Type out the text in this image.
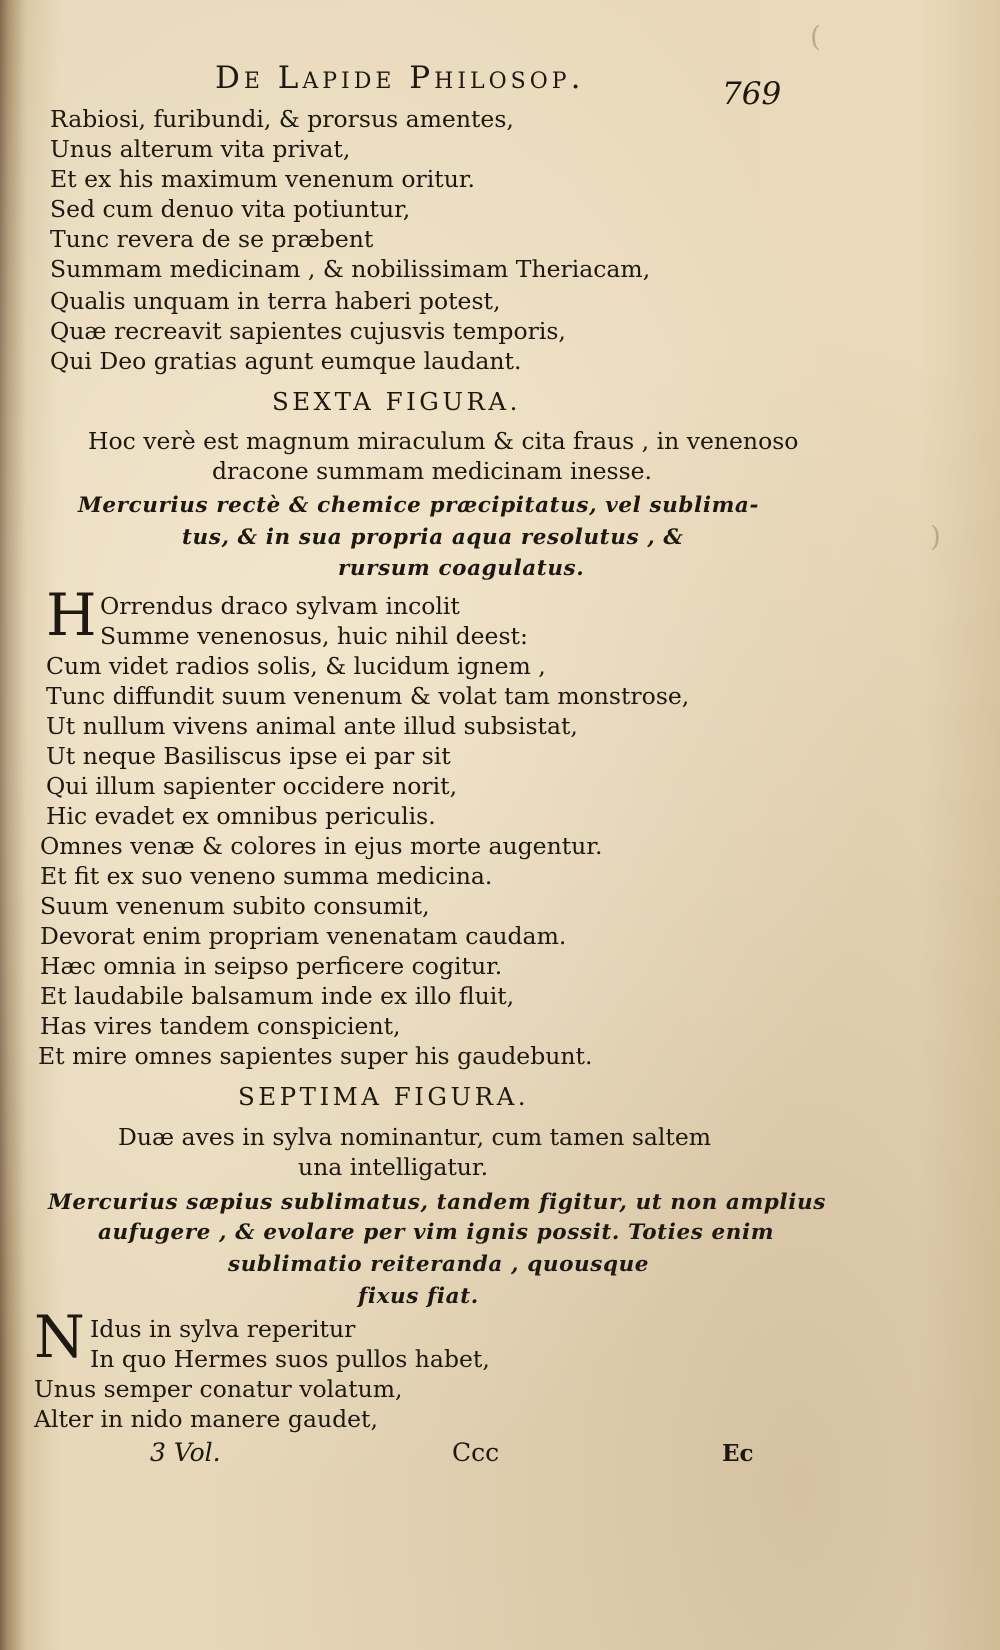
(
)
De Lapide Philosop.	769
Rabiosi, furibundi, & prorsus amentes,
Unus alterum vita privat,
Et ex his maximum venenum oritur.
Sed cum denuo vita potiuntur,
Tunc revera de se præbent
Summam medicinam , & nobilissimam Theriacam,
Qualis unquam in terra haberi potest,
Quæ recreavit sapientes cujusvis temporis,
Qui Deo gratias agunt eumque laudant.
SEXTA FIGURA.
Hoc verè est magnum miraculum & cita fraus , in venenoso
dracone summam medicinam inesse.
Mercurius rectè & chemice præcipitatus, vel sublima-
tus, & in sua propria aqua resolutus , &
rursum coagulatus.
H Orrendus draco sylvam incolit
Summe venenosus, huic nihil deest:
Cum videt radios solis, & lucidum ignem ,
Tunc diffundit suum venenum & volat tam monstrose,
Ut nullum vivens animal ante illud subsistat,
Ut neque Basiliscus ipse ei par sit
Qui illum sapienter occidere norit,
Hic evadet ex omnibus periculis.
Omnes venæ & colores in ejus morte augentur.
Et fit ex suo veneno summa medicina.
Suum venenum subito consumit,
Devorat enim propriam venenatam caudam.
Hæc omnia in seipso perficere cogitur.
Et laudabile balsamum inde ex illo fluit,
Has vires tandem conspicient,
Et mire omnes sapientes super his gaudebunt.
SEPTIMA FIGURA.
Duæ aves in sylva nominantur, cum tamen saltem
una intelligatur.
Mercurius sæpius sublimatus, tandem figitur, ut non amplius
aufugere , & evolare per vim ignis possit. Toties enim
sublimatio reiteranda , quousque
fixus fiat.
N Idus in sylva reperitur
In quo Hermes suos pullos habet,
Unus semper conatur volatum,
Alter in nido manere gaudet,
3 Vol.	Ccc	Ec
